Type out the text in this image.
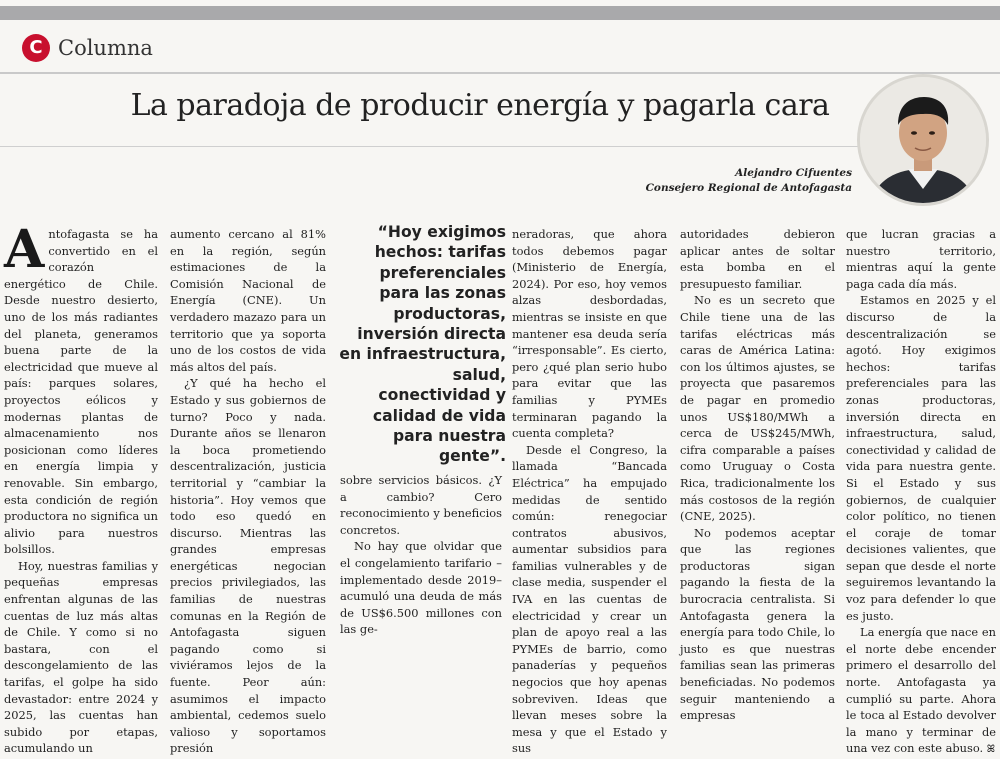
C Columna
La paradoja de producir energía y pagarla cara
Alejandro Cifuentes
Consejero Regional de Antofagasta

Antofagasta se ha convertido en el corazón energético de Chile. Desde nuestro desierto, uno de los más radiantes del planeta, generamos buena parte de la electricidad que mueve al país: parques solares, proyectos eólicos y modernas plantas de almacenamiento nos posicionan como líderes en energía limpia y renovable. Sin embargo, esta condición de región productora no significa un alivio para nuestros bolsillos.

Hoy, nuestras familias y pequeñas empresas enfrentan algunas de las cuentas de luz más altas de Chile. Y como si no bastara, con el descongelamiento de las tarifas, el golpe ha sido devastador: entre 2024 y 2025, las cuentas han subido por etapas, acumulando un

aumento cercano al 81% en la región, según estimaciones de la Comisión Nacional de Energía (CNE). Un verdadero mazazo para un territorio que ya soporta uno de los costos de vida más altos del país.

¿Y qué ha hecho el Estado y sus gobiernos de turno? Poco y nada. Durante años se llenaron la boca prometiendo descentralización, justicia territorial y “cambiar la historia”. Hoy vemos que todo eso quedó en discurso. Mientras las grandes empresas energéticas negocian precios privilegiados, las familias de nuestras comunas en la Región de Antofagasta siguen pagando como si viviéramos lejos de la fuente. Peor aún: asumimos el impacto ambiental, cedemos suelo valioso y soportamos presión

“Hoy exigimos hechos: tarifas preferenciales para las zonas productoras, inversión directa en infraestructura, salud, conectividad y calidad de vida para nuestra gente”.

sobre servicios básicos. ¿Y a cambio? Cero reconocimiento y beneficios concretos.

No hay que olvidar que el congelamiento tarifario –implementado desde 2019– acumuló una deuda de más de US$6.500 millones con las ge-

neradoras, que ahora todos debemos pagar (Ministerio de Energía, 2024). Por eso, hoy vemos alzas desbordadas, mientras se insiste en que mantener esa deuda sería “irresponsable”. Es cierto, pero ¿qué plan serio hubo para evitar que las familias y PYMEs terminaran pagando la cuenta completa?

Desde el Congreso, la llamada “Bancada Eléctrica” ha empujado medidas de sentido común: renegociar contratos abusivos, aumentar subsidios para familias vulnerables y de clase media, suspender el IVA en las cuentas de electricidad y crear un plan de apoyo real a las PYMEs de barrio, como panaderías y pequeños negocios que hoy apenas sobreviven. Ideas que llevan meses sobre la mesa y que el Estado y sus

autoridades debieron aplicar antes de soltar esta bomba en el presupuesto familiar.

No es un secreto que Chile tiene una de las tarifas eléctricas más caras de América Latina: con los últimos ajustes, se proyecta que pasaremos de pagar en promedio unos US$180/MWh a cerca de US$245/MWh, cifra comparable a países como Uruguay o Costa Rica, tradicionalmente los más costosos de la región (CNE, 2025).

No podemos aceptar que las regiones productoras sigan pagando la fiesta de la burocracia centralista. Si Antofagasta genera la energía para todo Chile, lo justo es que nuestras familias sean las primeras beneficiadas. No podemos seguir manteniendo a empresas

que lucran gracias a nuestro territorio, mientras aquí la gente paga cada día más.

Estamos en 2025 y el discurso de la descentralización se agotó. Hoy exigimos hechos: tarifas preferenciales para las zonas productoras, inversión directa en infraestructura, salud, conectividad y calidad de vida para nuestra gente. Si el Estado y sus gobiernos, de cualquier color político, no tienen el coraje de tomar decisiones valientes, que sepan que desde el norte seguiremos levantando la voz para defender lo que es justo.

La energía que nace en el norte debe encender primero el desarrollo del norte. Antofagasta ya cumplió su parte. Ahora le toca al Estado devolver la mano y terminar de una vez con este abuso. ꕤ
